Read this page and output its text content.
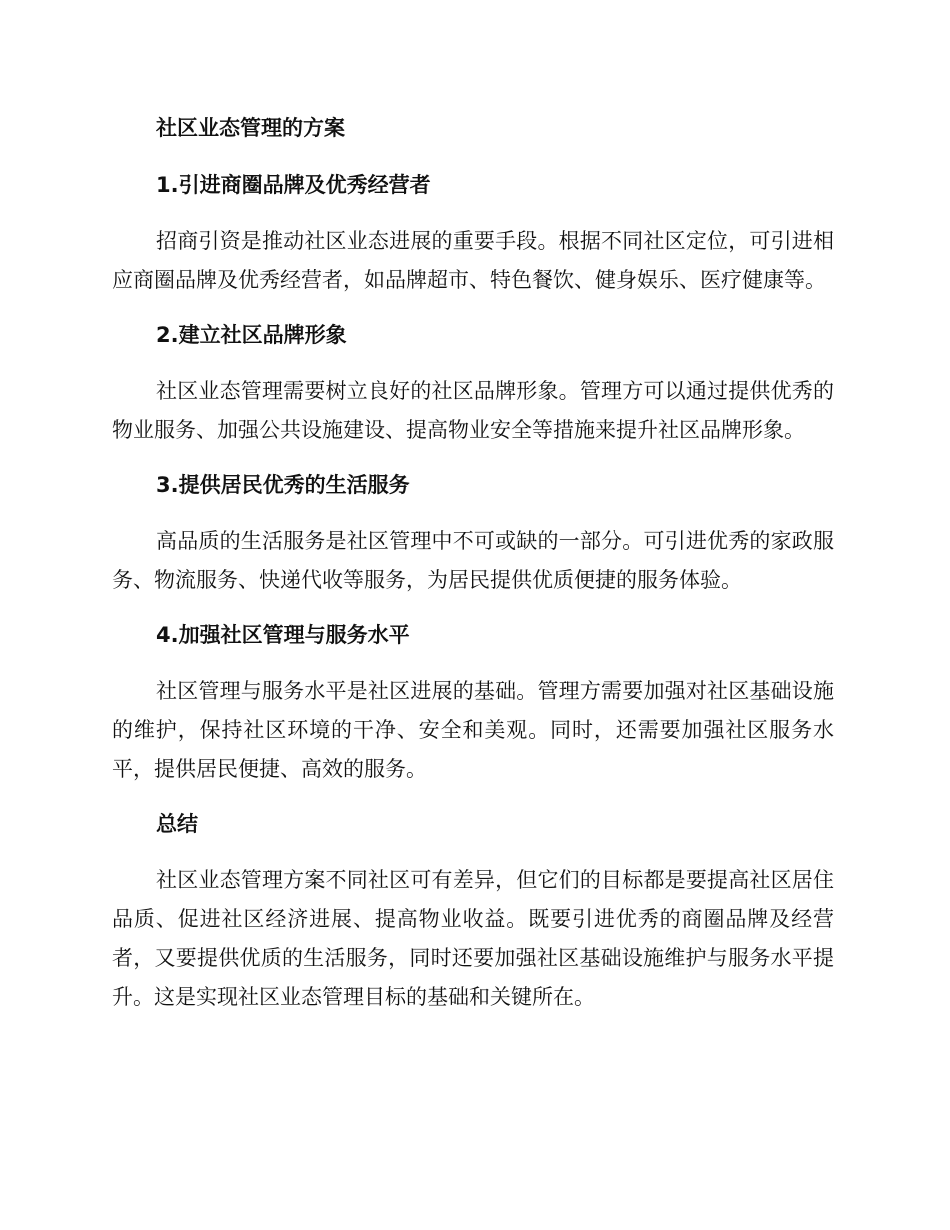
社区业态管理的方案
1.引进商圈品牌及优秀经营者

招商引资是推动社区业态进展的重要手段。根据不同社区定位，可引进相应商圈品牌及优秀经营者，如品牌超市、特色餐饮、健身娱乐、医疗健康等。

2.建立社区品牌形象

社区业态管理需要树立良好的社区品牌形象。管理方可以通过提供优秀的物业服务、加强公共设施建设、提高物业安全等措施来提升社区品牌形象。

3.提供居民优秀的生活服务

高品质的生活服务是社区管理中不可或缺的一部分。可引进优秀的家政服务、物流服务、快递代收等服务，为居民提供优质便捷的服务体验。

4.加强社区管理与服务水平

社区管理与服务水平是社区进展的基础。管理方需要加强对社区基础设施的维护，保持社区环境的干净、安全和美观。同时，还需要加强社区服务水平，提供居民便捷、高效的服务。

总结

社区业态管理方案不同社区可有差异，但它们的目标都是要提高社区居住品质、促进社区经济进展、提高物业收益。既要引进优秀的商圈品牌及经营者，又要提供优质的生活服务，同时还要加强社区基础设施维护与服务水平提升。这是实现社区业态管理目标的基础和关键所在。
